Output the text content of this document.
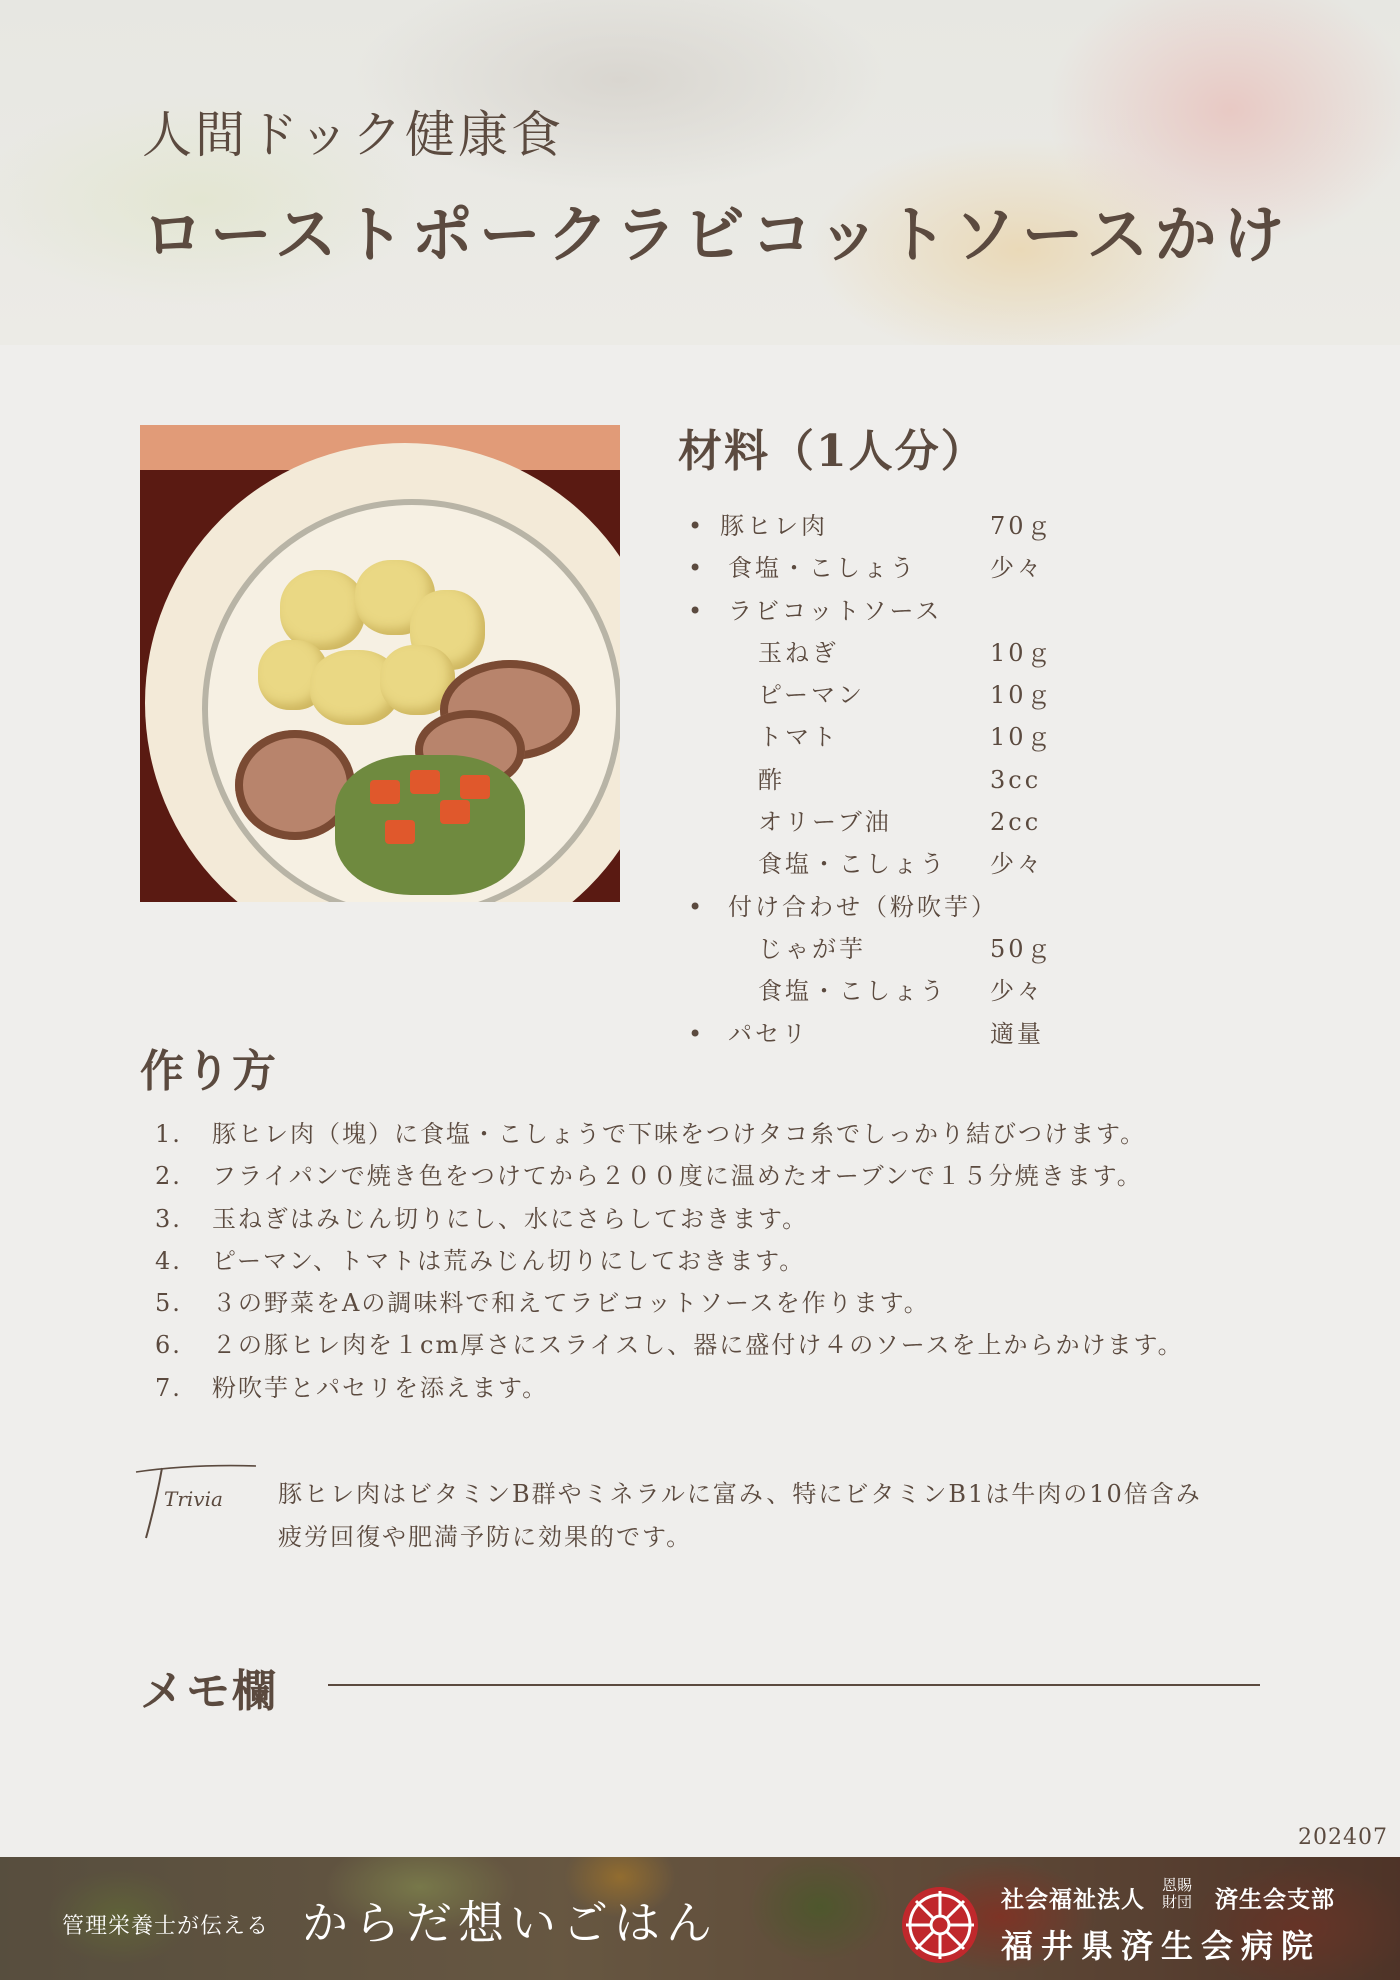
人間ドック健康食
ローストポークラビコットソースかけ
材料（1人分）
• 豚ヒレ肉	70ｇ
• 食塩・こしょう	少々
• ラビコットソース
玉ねぎ	10ｇ
ピーマン	10ｇ
トマト	10ｇ
酢	3cc
オリーブ油	2cc
食塩・こしょう 少々
• 付け合わせ（粉吹芋）
じゃが芋	50ｇ
食塩・こしょう 少々
• パセリ	適量
作り方
1. 豚ヒレ肉（塊）に食塩・こしょうで下味をつけタコ糸でしっかり結びつけます。
2. フライパンで焼き色をつけてから２００度に温めたオーブンで１５分焼きます。
3. 玉ねぎはみじん切りにし、水にさらしておきます。
4. ピーマン、トマトは荒みじん切りにしておきます。
5. ３の野菜をAの調味料で和えてラビコットソースを作ります。
6. ２の豚ヒレ肉を１cm厚さにスライスし、器に盛付け４のソースを上からかけます。
7. 粉吹芋とパセリを添えます。
Trivia 豚ヒレ肉はビタミンB群やミネラルに富み、特にビタミンB1は牛肉の10倍含み
疲労回復や肥満予防に効果的です。
メモ欄
202407
管理栄養士が伝える からだ想いごはん	社会福祉法人
恩賜財団 済生会支部
福井県済生会病院
